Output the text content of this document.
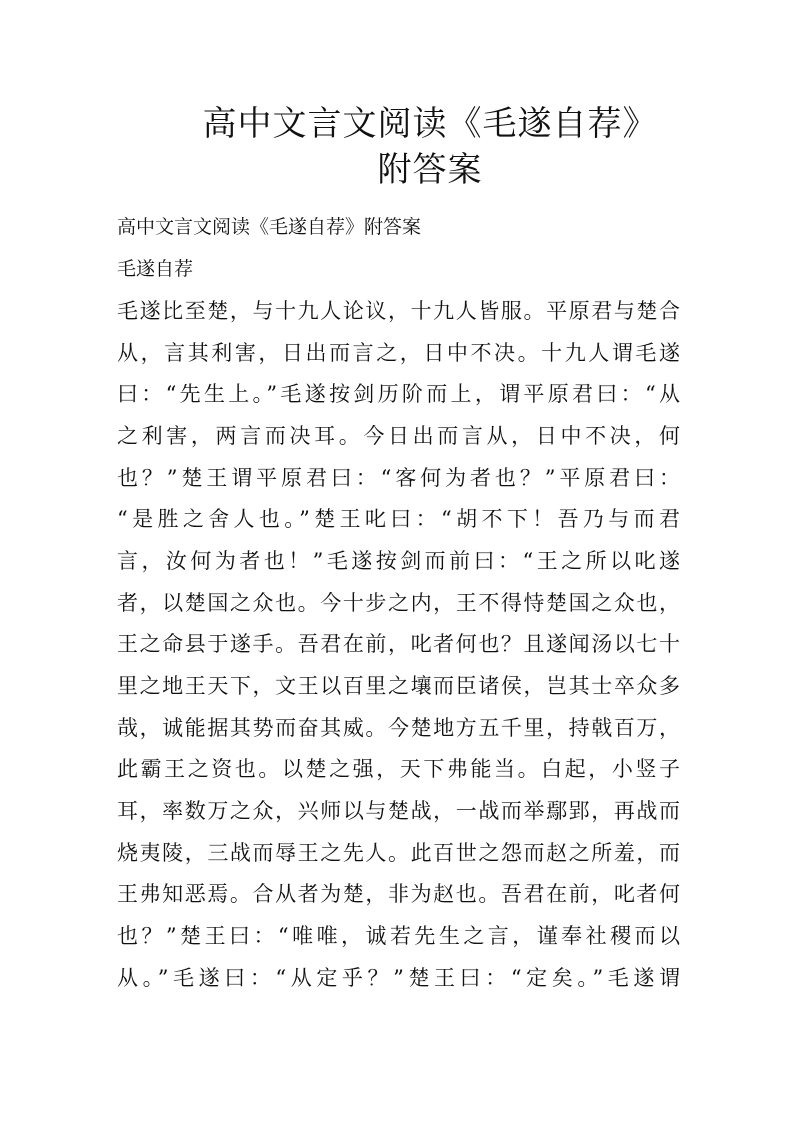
高中文言文阅读《毛遂自荐》
附答案

高中文言文阅读《毛遂自荐》附答案

毛遂自荐

毛遂比至楚，与十九人论议，十九人皆服。平原君与楚合

从，言其利害，日出而言之，日中不决。十九人谓毛遂

曰：“先生上。”毛遂按剑历阶而上，谓平原君曰：“从

之利害，两言而决耳。今日出而言从，日中不决，何

也？”楚王谓平原君曰：“客何为者也？”平原君曰：

“是胜之舍人也。”楚王叱曰：“胡不下！吾乃与而君

言，汝何为者也！”毛遂按剑而前曰：“王之所以叱遂

者，以楚国之众也。今十步之内，王不得恃楚国之众也，

王之命县于遂手。吾君在前，叱者何也？且遂闻汤以七十

里之地王天下，文王以百里之壤而臣诸侯，岂其士卒众多

哉，诚能据其势而奋其威。今楚地方五千里，持戟百万，

此霸王之资也。以楚之强，天下弗能当。白起，小竖子

耳，率数万之众，兴师以与楚战，一战而举鄢郢，再战而

烧夷陵，三战而辱王之先人。此百世之怨而赵之所羞，而

王弗知恶焉。合从者为楚，非为赵也。吾君在前，叱者何

也？”楚王曰：“唯唯，诚若先生之言，谨奉社稷而以

从。”毛遂曰：“从定乎？”楚王曰：“定矣。”毛遂谓
